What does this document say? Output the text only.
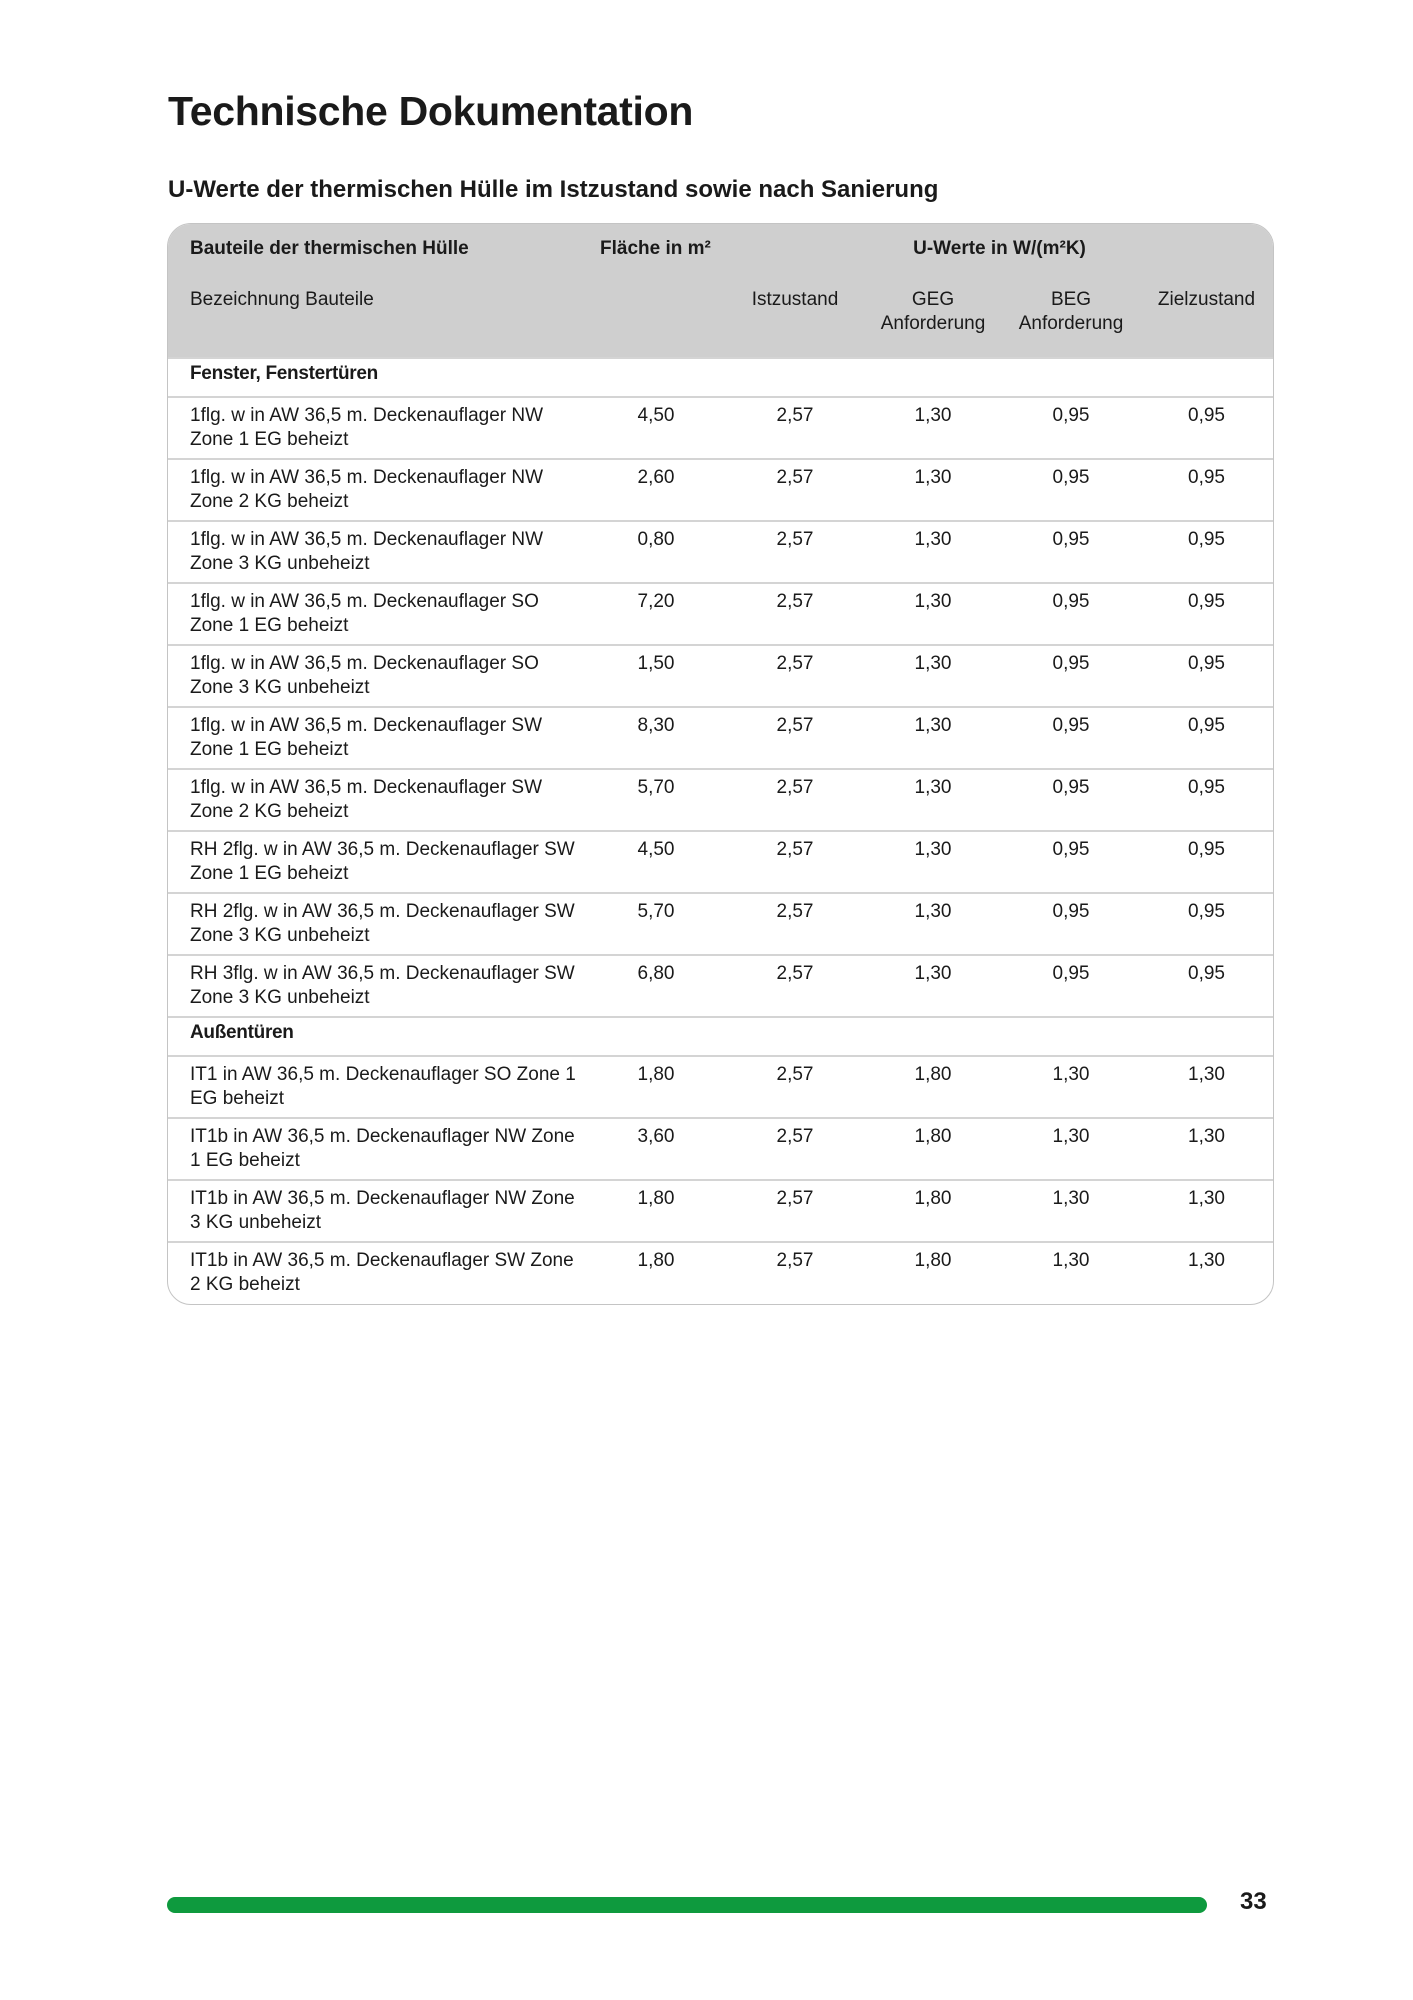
Technische Dokumentation
U-Werte der thermischen Hülle im Istzustand sowie nach Sanierung
Bauteile der thermischen Hülle	Fläche in m²	U-Werte in W/(m²K)			
Bezeichnung Bauteile		Istzustand	GEG Anforderung	BEG Anforderung	Zielzustand
Fenster, Fenstertüren					
1flg. w in AW 36,5 m. Deckenauflager NW Zone 1 EG beheizt	4,50	2,57	1,30	0,95	0,95
1flg. w in AW 36,5 m. Deckenauflager NW Zone 2 KG beheizt	2,60	2,57	1,30	0,95	0,95
1flg. w in AW 36,5 m. Deckenauflager NW Zone 3 KG unbeheizt	0,80	2,57	1,30	0,95	0,95
1flg. w in AW 36,5 m. Deckenauflager SO Zone 1 EG beheizt	7,20	2,57	1,30	0,95	0,95
1flg. w in AW 36,5 m. Deckenauflager SO Zone 3 KG unbeheizt	1,50	2,57	1,30	0,95	0,95
1flg. w in AW 36,5 m. Deckenauflager SW Zone 1 EG beheizt	8,30	2,57	1,30	0,95	0,95
1flg. w in AW 36,5 m. Deckenauflager SW Zone 2 KG beheizt	5,70	2,57	1,30	0,95	0,95
RH 2flg. w in AW 36,5 m. Deckenauflager SW Zone 1 EG beheizt	4,50	2,57	1,30	0,95	0,95
RH 2flg. w in AW 36,5 m. Deckenauflager SW Zone 3 KG unbeheizt	5,70	2,57	1,30	0,95	0,95
RH 3flg. w in AW 36,5 m. Deckenauflager SW Zone 3 KG unbeheizt	6,80	2,57	1,30	0,95	0,95
Außentüren					
IT1 in AW 36,5 m. Deckenauflager SO Zone 1 EG beheizt	1,80	2,57	1,80	1,30	1,30
IT1b in AW 36,5 m. Deckenauflager NW Zone 1 EG beheizt	3,60	2,57	1,80	1,30	1,30
IT1b in AW 36,5 m. Deckenauflager NW Zone 3 KG unbeheizt	1,80	2,57	1,80	1,30	1,30
IT1b in AW 36,5 m. Deckenauflager SW Zone 2 KG beheizt	1,80	2,57	1,80	1,30	1,30
33
